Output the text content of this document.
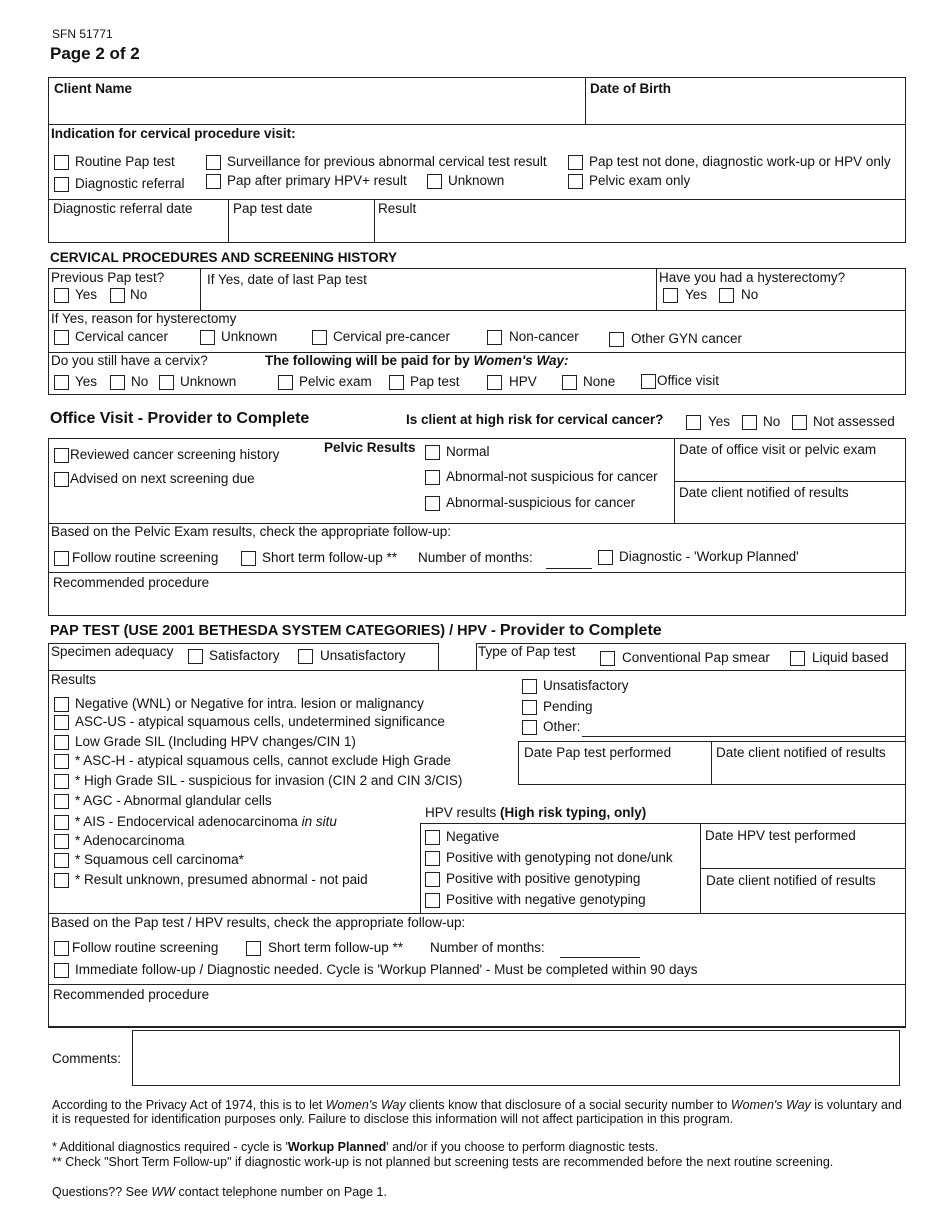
SFN 51771
Page 2 of 2
Client Name	Date of Birth
Indication for cervical procedure visit:
Routine Pap test
Diagnostic referral
Surveillance for previous abnormal cervical test result
Pap after primary HPV+ result	Unknown
Pap test not done, diagnostic work-up or HPV only
Pelvic exam only
Diagnostic referral date	Pap test date	Result
CERVICAL PROCEDURES AND SCREENING HISTORY
Previous Pap test?
Yes No
If Yes, date of last Pap test	Have you had a hysterectomy?
Yes	No
If Yes, reason for hysterectomy
Cervical cancer	Unknown	Cervical pre-cancer	Non-cancer	Other GYN cancer
Do you still have a cervix?
Yes	No Unknown
The following will be paid for by Women's Way:
Pelvic exam	Pap test	HPV	None	Office visit
Office Visit - Provider to Complete	Is client at high risk for cervical cancer?	Yes No Not assessed
Reviewed cancer screening history
Advised on next screening due
Pelvic Results Normal
Abnormal-not suspicious for cancer
Abnormal-suspicious for cancer
Date of office visit or pelvic exam
Date client notified of results
Based on the Pelvic Exam results, check the appropriate follow-up:
Follow routine screening	Short term follow-up ** Number of months:	Diagnostic - 'Workup Planned'
Recommended procedure
PAP TEST (USE 2001 BETHESDA SYSTEM CATEGORIES) / HPV - Provider to Complete
Specimen adequacy	Satisfactory	Unsatisfactory	Type of Pap test	Conventional Pap smear	Liquid based
Results
Negative (WNL) or Negative for intra. lesion or malignancy
ASC-US - atypical squamous cells, undetermined significance
Low Grade SIL (Including HPV changes/CIN 1)
* ASC-H - atypical squamous cells, cannot exclude High Grade
* High Grade SIL - suspicious for invasion (CIN 2 and CIN 3/CIS)
* AGC - Abnormal glandular cells
* AIS - Endocervical adenocarcinoma in situ
* Adenocarcinoma
* Squamous cell carcinoma*
* Result unknown, presumed abnormal - not paid
Unsatisfactory
Pending
Other:
Date Pap test performed	Date client notified of results
HPV results (High risk typing, only)
Negative
Positive with genotyping not done/unk
Positive with positive genotyping
Positive with negative genotyping
Date HPV test performed
Date client notified of results
Based on the Pap test / HPV results, check the appropriate follow-up:
Follow routine screening	Short term follow-up ** Number of months:
Immediate follow-up / Diagnostic needed. Cycle is 'Workup Planned' - Must be completed within 90 days
Recommended procedure
Comments:
According to the Privacy Act of 1974, this is to let Women's Way clients know that disclosure of a social security number to Women's Way is voluntary and
it is requested for identification purposes only. Failure to disclose this information will not affect participation in this program.
* Additional diagnostics required - cycle is 'Workup Planned' and/or if you choose to perform diagnostic tests.
** Check "Short Term Follow-up" if diagnostic work-up is not planned but screening tests are recommended before the next routine screening.
Questions?? See WW contact telephone number on Page 1.
